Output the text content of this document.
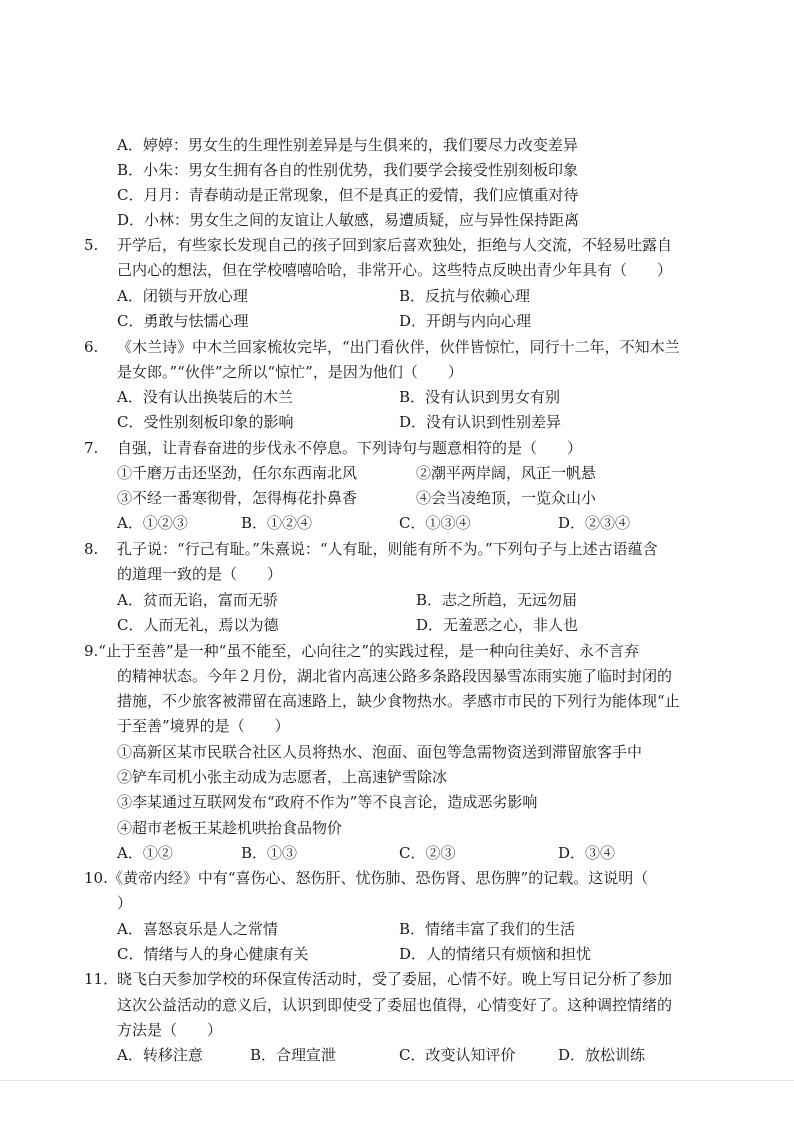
A．婷婷：男女生的生理性别差异是与生俱来的，我们要尽力改变差异
B．小朱：男女生拥有各自的性别优势，我们要学会接受性别刻板印象
C．月月：青春萌动是正常现象，但不是真正的爱情，我们应慎重对待
D．小林：男女生之间的友谊让人敏感，易遭质疑，应与异性保持距离
5. 开学后，有些家长发现自己的孩子回到家后喜欢独处，拒绝与人交流，不轻易吐露自
己内心的想法，但在学校嘻嘻哈哈，非常开心。这些特点反映出青少年具有（　　）
A．闭锁与开放心理	B．反抗与依赖心理
C．勇敢与怯懦心理	D．开朗与内向心理
6. 《木兰诗》中木兰回家梳妆完毕，“出门看伙伴，伙伴皆惊忙，同行十二年，不知木兰
是女郎。”“伙伴”之所以“惊忙”，是因为他们（　　）
A．没有认出换装后的木兰	B．没有认识到男女有别
C．受性别刻板印象的影响	D．没有认识到性别差异
7. 自强，让青春奋进的步伐永不停息。下列诗句与题意相符的是（　　）
①千磨万击还坚劲，任尔东西南北风	②潮平两岸阔，风正一帆悬
③不经一番寒彻骨，怎得梅花扑鼻香	④会当凌绝顶，一览众山小
A．①②③	B．①②④	C．①③④	D．②③④
8. 孔子说：“行己有耻。”朱熹说：“人有耻，则能有所不为。”下列句子与上述古语蕴含
的道理一致的是（　　）
A．贫而无谄，富而无骄	B．志之所趋，无远勿届
C．人而无礼，焉以为德	D．无羞恶之心，非人也
9.“止于至善”是一种“虽不能至，心向往之”的实践过程，是一种向往美好、永不言弃
的精神状态。今年２月份，湖北省内高速公路多条路段因暴雪冻雨实施了临时封闭的
措施，不少旅客被滞留在高速路上，缺少食物热水。孝感市市民的下列行为能体现“止
于至善”境界的是（　　）
①高新区某市民联合社区人员将热水、泡面、面包等急需物资送到滞留旅客手中
②铲车司机小张主动成为志愿者，上高速铲雪除冰
③李某通过互联网发布“政府不作为”等不良言论，造成恶劣影响
④超市老板王某趁机哄抬食品物价
A．①②	B．①③	C．②③	D．③④
10.《黄帝内经》中有“喜伤心、怒伤肝、忧伤肺、恐伤肾、思伤脾”的记载。这说明（
）
A．喜怒哀乐是人之常情	B．情绪丰富了我们的生活
C．情绪与人的身心健康有关	D．人的情绪只有烦恼和担忧
11．
晓飞白天参加学校的环保宣传活动时，受了委屈，心情不好。晚上写日记分析了参加
这次公益活动的意义后，认识到即使受了委屈也值得，心情变好了。这种调控情绪的
方法是（　　）
A．转移注意	B．合理宣泄	C．改变认知评价	D．放松训练
